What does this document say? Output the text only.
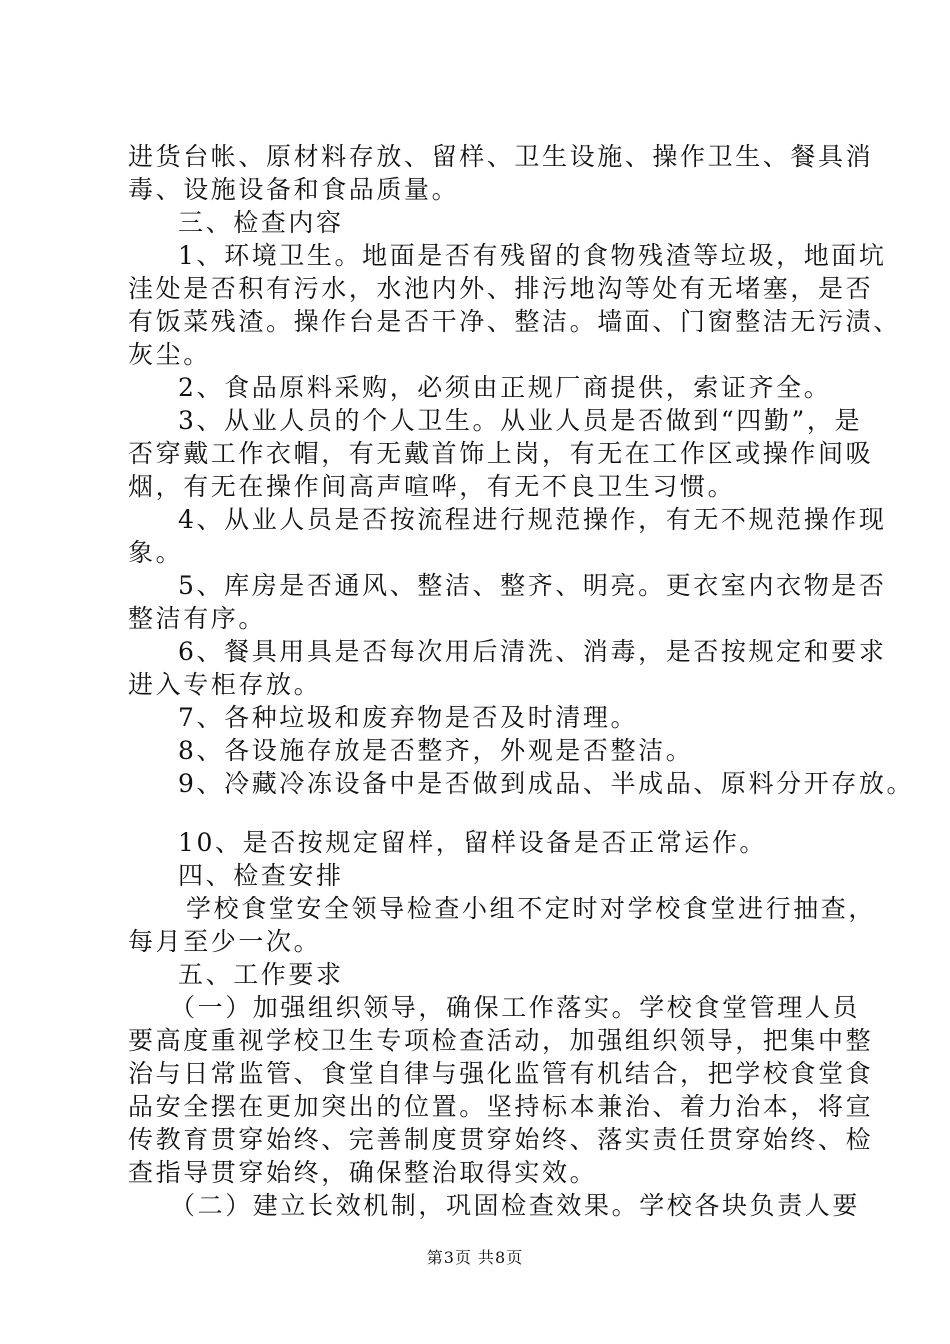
进货台帐、原材料存放、留样、卫生设施、操作卫生、餐具消
毒、设施设备和食品质量。
三、检查内容
1、环境卫生。地面是否有残留的食物残渣等垃圾，地面坑
洼处是否积有污水，水池内外、排污地沟等处有无堵塞，是否
有饭菜残渣。操作台是否干净、整洁。墙面、门窗整洁无污渍、
灰尘。
2、食品原料采购，必须由正规厂商提供，索证齐全。
3、从业人员的个人卫生。从业人员是否做到“四勤”，是
否穿戴工作衣帽，有无戴首饰上岗，有无在工作区或操作间吸
烟，有无在操作间高声喧哗，有无不良卫生习惯。
4、从业人员是否按流程进行规范操作，有无不规范操作现
象。
5、库房是否通风、整洁、整齐、明亮。更衣室内衣物是否
整洁有序。
6、餐具用具是否每次用后清洗、消毒，是否按规定和要求
进入专柜存放。
7、各种垃圾和废弃物是否及时清理。
8、各设施存放是否整齐，外观是否整洁。
9、冷藏冷冻设备中是否做到成品、半成品、原料分开存放。
10、是否按规定留样，留样设备是否正常运作。
四、检查安排
学校食堂安全领导检查小组不定时对学校食堂进行抽查，
每月至少一次。
五、工作要求
（一）加强组织领导，确保工作落实。学校食堂管理人员
要高度重视学校卫生专项检查活动，加强组织领导，把集中整
治与日常监管、食堂自律与强化监管有机结合，把学校食堂食
品安全摆在更加突出的位置。坚持标本兼治、着力治本，将宣
传教育贯穿始终、完善制度贯穿始终、落实责任贯穿始终、检
查指导贯穿始终，确保整治取得实效。
（二）建立长效机制，巩固检查效果。学校各块负责人要
第3页 共8页
